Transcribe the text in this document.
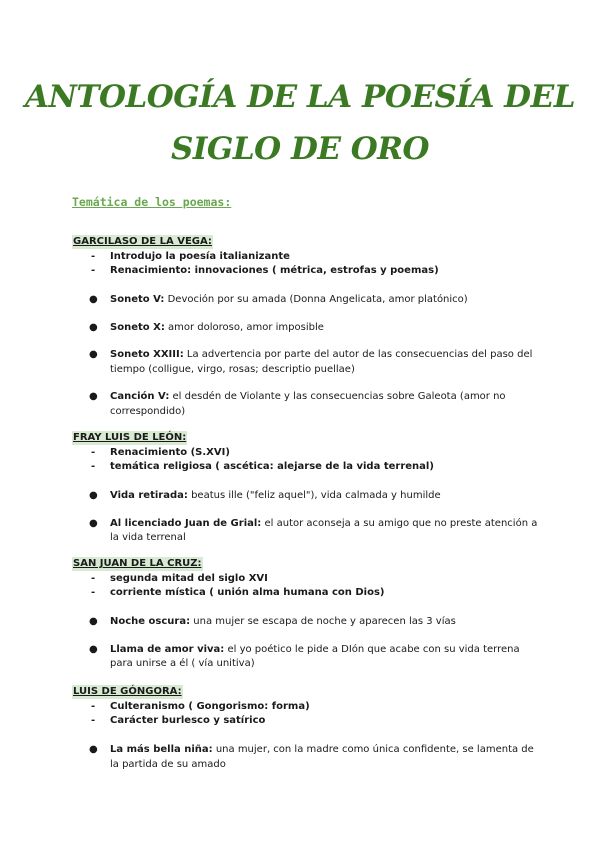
ANTOLOGÍA DE LA POESÍA DEL
SIGLO DE ORO
Temática de los poemas:
GARCILASO DE LA VEGA:
- Introdujo la poesía italianizante
- Renacimiento: innovaciones ( métrica, estrofas y poemas)
● Soneto V: Devoción por su amada (Donna Angelicata, amor platónico)
● Soneto X: amor doloroso, amor imposible
● Soneto XXIII: La advertencia por parte del autor de las consecuencias del paso del tiempo (colligue, virgo, rosas; descriptio puellae)
● Canción V: el desdén de Violante y las consecuencias sobre Galeota (amor no correspondido)
FRAY LUIS DE LEÓN:
- Renacimiento (S.XVI)
- temática religiosa ( ascética: alejarse de la vida terrenal)
● Vida retirada: beatus ille ("feliz aquel"), vida calmada y humilde
● Al licenciado Juan de Grial: el autor aconseja a su amigo que no preste atención a la vida terrenal
SAN JUAN DE LA CRUZ:
- segunda mitad del siglo XVI
- corriente mística ( unión alma humana con Dios)
● Noche oscura: una mujer se escapa de noche y aparecen las 3 vías
● Llama de amor viva: el yo poético le pide a DIón que acabe con su vida terrena para unirse a él ( vía unitiva)
LUIS DE GÓNGORA:
- Culteranismo ( Gongorismo: forma)
- Carácter burlesco y satírico
● La más bella niña: una mujer, con la madre como única confidente, se lamenta de la partida de su amado
